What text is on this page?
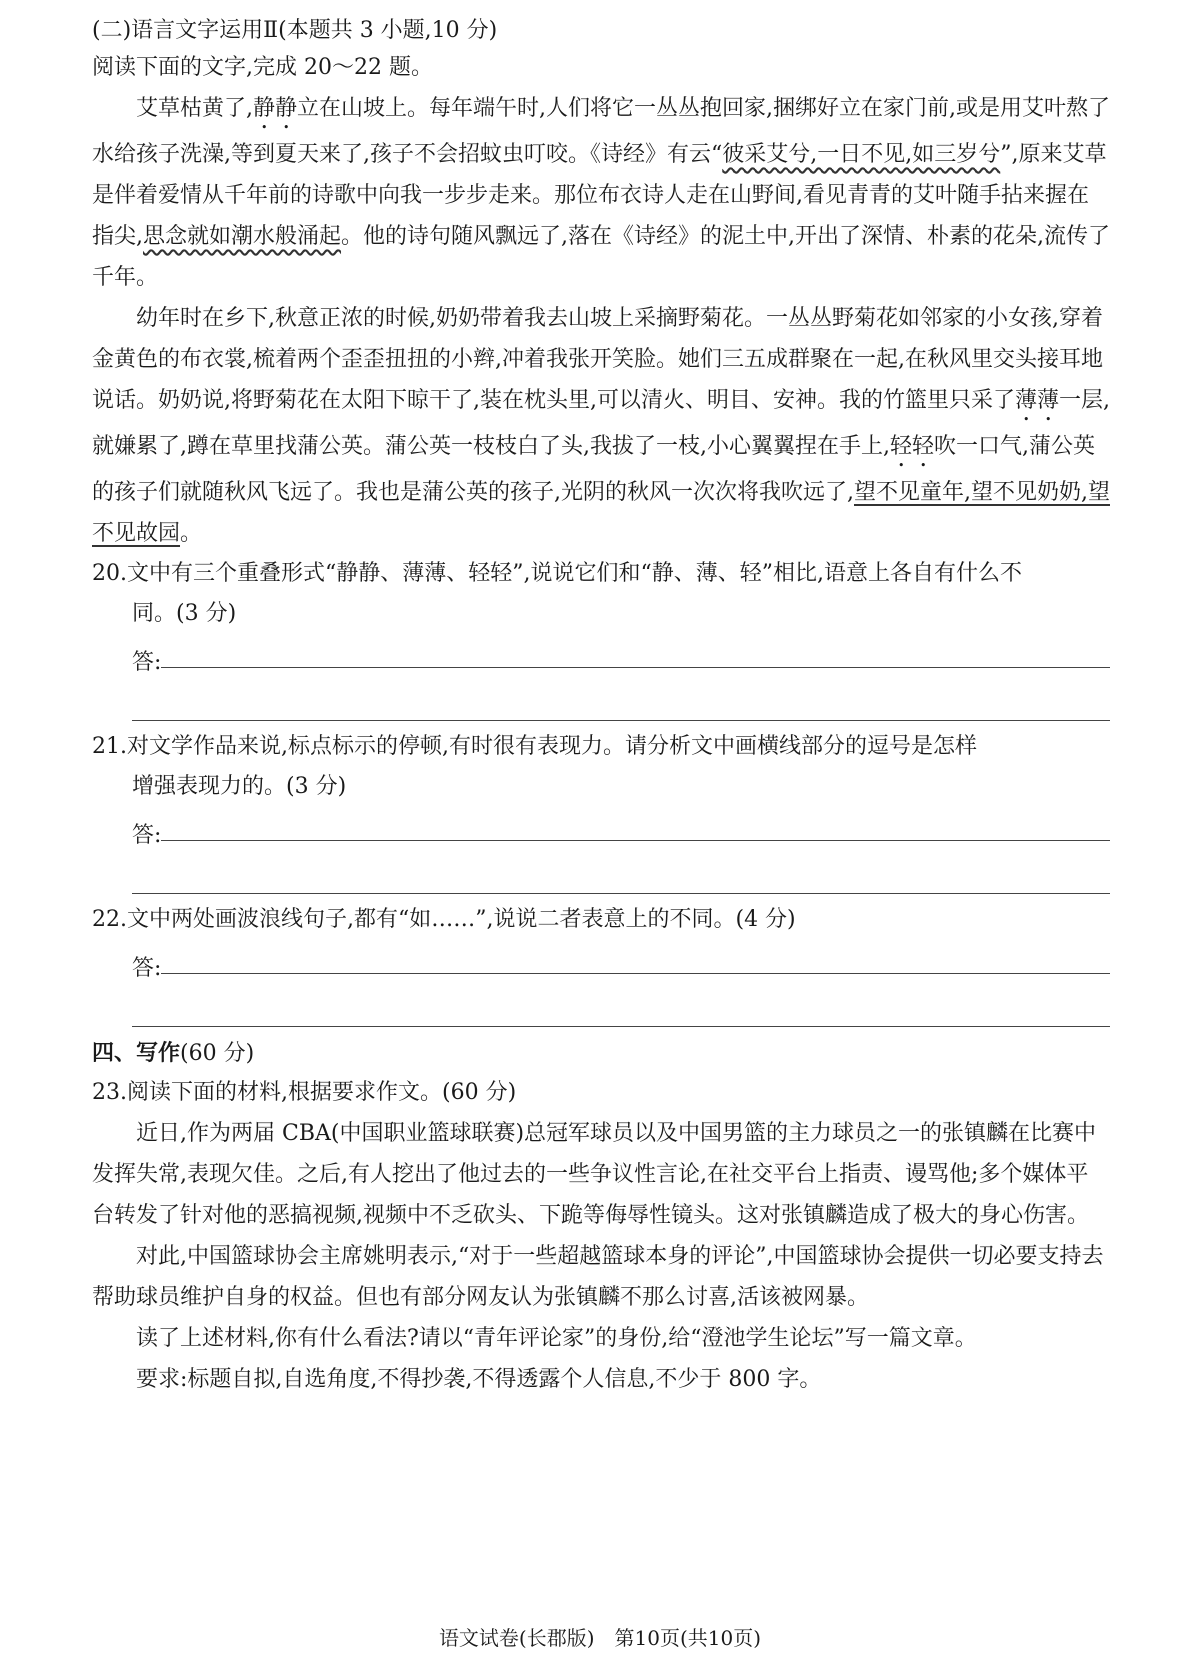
(二)语言文字运用Ⅱ(本题共 3 小题,10 分)
阅读下面的文字,完成 20～22 题。
艾草枯黄了,静静立在山坡上。每年端午时,人们将它一丛丛抱回家,捆绑好立在家门前,或是用艾叶熬了水给孩子洗澡,等到夏天来了,孩子不会招蚊虫叮咬。《诗经》有云“彼采艾兮,一日不见,如三岁兮”,原来艾草是伴着爱情从千年前的诗歌中向我一步步走来。那位布衣诗人走在山野间,看见青青的艾叶随手拈来握在指尖,思念就如潮水般涌起。他的诗句随风飘远了,落在《诗经》的泥土中,开出了深情、朴素的花朵,流传了千年。
幼年时在乡下,秋意正浓的时候,奶奶带着我去山坡上采摘野菊花。一丛丛野菊花如邻家的小女孩,穿着金黄色的布衣裳,梳着两个歪歪扭扭的小辫,冲着我张开笑脸。她们三五成群聚在一起,在秋风里交头接耳地说话。奶奶说,将野菊花在太阳下晾干了,装在枕头里,可以清火、明目、安神。我的竹篮里只采了薄薄一层,就嫌累了,蹲在草里找蒲公英。蒲公英一枝枝白了头,我拔了一枝,小心翼翼捏在手上,轻轻吹一口气,蒲公英的孩子们就随秋风飞远了。我也是蒲公英的孩子,光阴的秋风一次次将我吹远了,望不见童年,望不见奶奶,望不见故园。
20.文中有三个重叠形式“静静、薄薄、轻轻”,说说它们和“静、薄、轻”相比,语意上各自有什么不
同。(3 分)
答:
21.对文学作品来说,标点标示的停顿,有时很有表现力。请分析文中画横线部分的逗号是怎样
增强表现力的。(3 分)
答:
22.文中两处画波浪线句子,都有“如……”,说说二者表意上的不同。(4 分)
答:
四、写作(60 分)
23.阅读下面的材料,根据要求作文。(60 分)
近日,作为两届 CBA(中国职业篮球联赛)总冠军球员以及中国男篮的主力球员之一的张镇麟在比赛中发挥失常,表现欠佳。之后,有人挖出了他过去的一些争议性言论,在社交平台上指责、谩骂他;多个媒体平台转发了针对他的恶搞视频,视频中不乏砍头、下跪等侮辱性镜头。这对张镇麟造成了极大的身心伤害。
对此,中国篮球协会主席姚明表示,“对于一些超越篮球本身的评论”,中国篮球协会提供一切必要支持去帮助球员维护自身的权益。但也有部分网友认为张镇麟不那么讨喜,活该被网暴。
读了上述材料,你有什么看法?请以“青年评论家”的身份,给“澄池学生论坛”写一篇文章。
要求:标题自拟,自选角度,不得抄袭,不得透露个人信息,不少于 800 字。
语文试卷(长郡版) 第10页(共10页)
